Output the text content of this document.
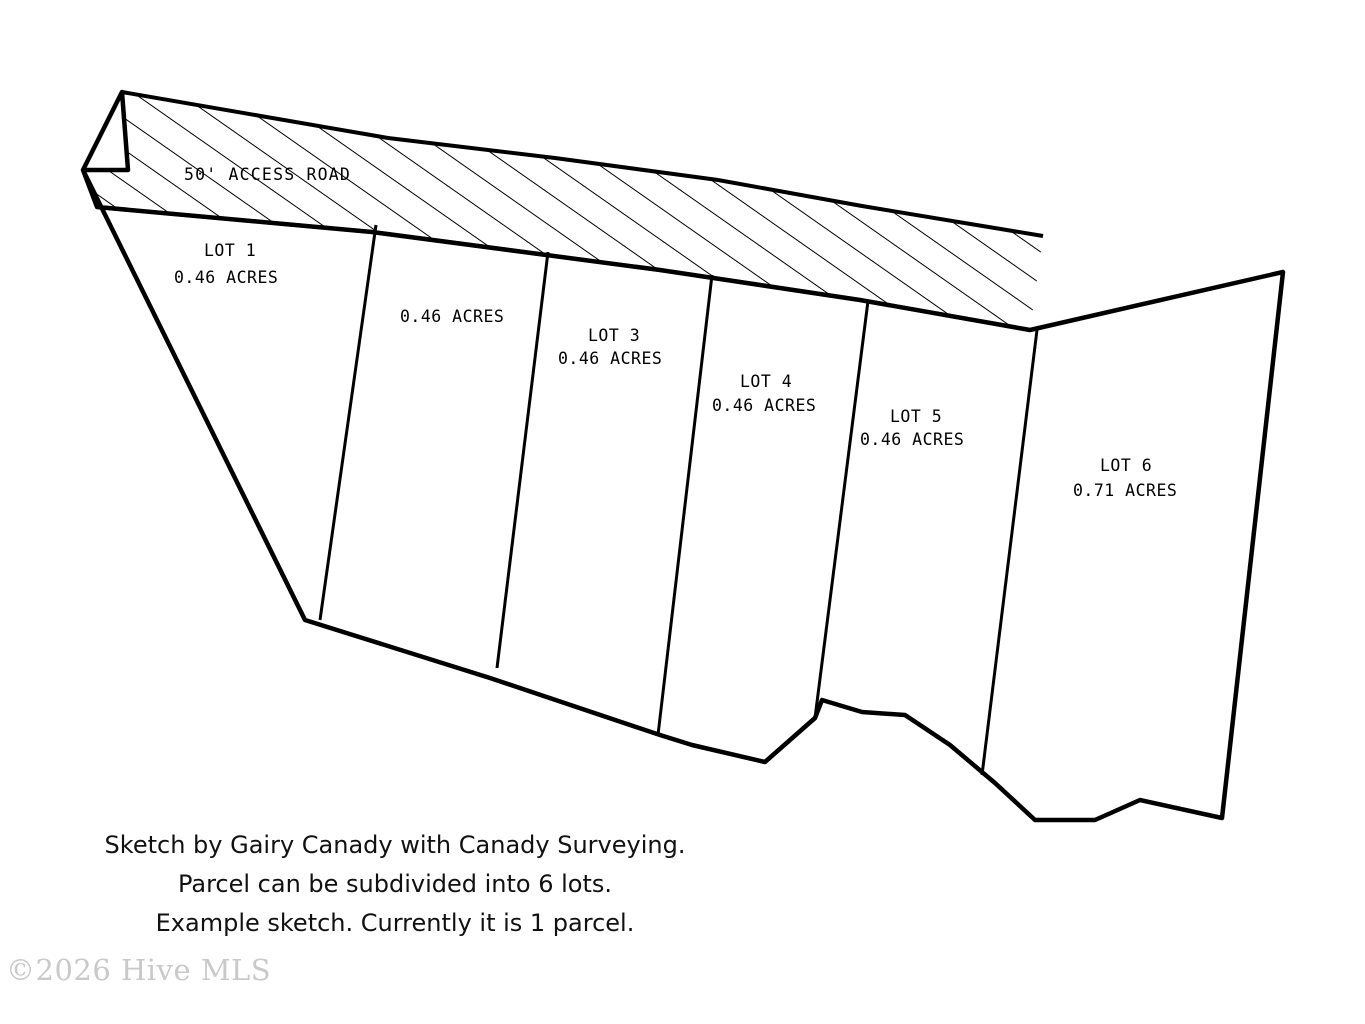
50' ACCESS ROAD
LOT 1
0.46 ACRES
0.46 ACRES
LOT 3
0.46 ACRES
LOT 4
0.46 ACRES
LOT 5
0.46 ACRES
LOT 6
0.71 ACRES
Sketch by Gairy Canady with Canady Surveying.
Parcel can be subdivided into 6 lots.
Example sketch. Currently it is 1 parcel.
©2026 Hive MLS
